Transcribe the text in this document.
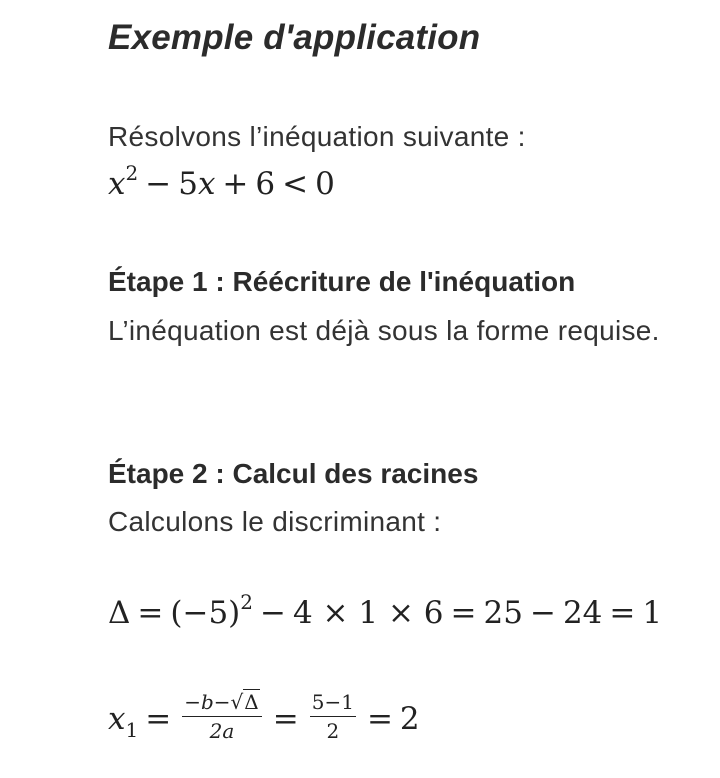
Exemple d'application
Résolvons l’inéquation suivante :
$x^2 - 5x + 6 < 0$
Étape 1 : Réécriture de l'inéquation
L’inéquation est déjà sous la forme requise.
Étape 2 : Calcul des racines
Calculons le discriminant :
$\Delta = (-5)^2 - 4 \times 1 \times 6 = 25 - 24 = 1$
$x_1 = \frac{-b-√\Delta}{2a} = \frac{5-1}{2} = 2$
